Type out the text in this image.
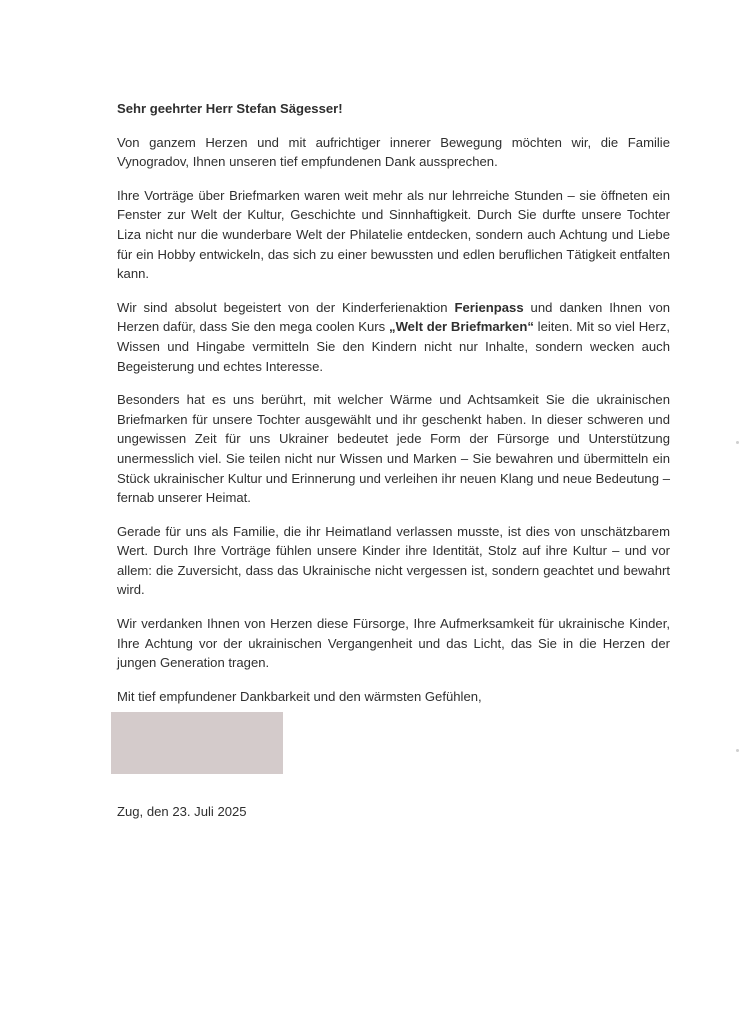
Sehr geehrter Herr Stefan Sägesser!

Von ganzem Herzen und mit aufrichtiger innerer Bewegung möchten wir, die Familie Vynogradov, Ihnen unseren tief empfundenen Dank aussprechen.

Ihre Vorträge über Briefmarken waren weit mehr als nur lehrreiche Stunden – sie öffneten ein Fenster zur Welt der Kultur, Geschichte und Sinnhaftigkeit. Durch Sie durfte unsere Tochter Liza nicht nur die wunderbare Welt der Philatelie entdecken, sondern auch Achtung und Liebe für ein Hobby entwickeln, das sich zu einer bewussten und edlen beruflichen Tätigkeit entfalten kann.

Wir sind absolut begeistert von der Kinderferienaktion Ferienpass und danken Ihnen von Herzen dafür, dass Sie den mega coolen Kurs „Welt der Briefmarken“ leiten. Mit so viel Herz, Wissen und Hingabe vermitteln Sie den Kindern nicht nur Inhalte, sondern wecken auch Begeisterung und echtes Interesse.

Besonders hat es uns berührt, mit welcher Wärme und Achtsamkeit Sie die ukrainischen Briefmarken für unsere Tochter ausgewählt und ihr geschenkt haben. In dieser schweren und ungewissen Zeit für uns Ukrainer bedeutet jede Form der Fürsorge und Unterstützung unermesslich viel. Sie teilen nicht nur Wissen und Marken – Sie bewahren und übermitteln ein Stück ukrainischer Kultur und Erinnerung und verleihen ihr neuen Klang und neue Bedeutung – fernab unserer Heimat.

Gerade für uns als Familie, die ihr Heimatland verlassen musste, ist dies von unschätzbarem Wert. Durch Ihre Vorträge fühlen unsere Kinder ihre Identität, Stolz auf ihre Kultur – und vor allem: die Zuversicht, dass das Ukrainische nicht vergessen ist, sondern geachtet und bewahrt wird.

Wir verdanken Ihnen von Herzen diese Fürsorge, Ihre Aufmerksamkeit für ukrainische Kinder, Ihre Achtung vor der ukrainischen Vergangenheit und das Licht, das Sie in die Herzen der jungen Generation tragen.

Mit tief empfundener Dankbarkeit und den wärmsten Gefühlen,

Zug, den 23. Juli 2025
